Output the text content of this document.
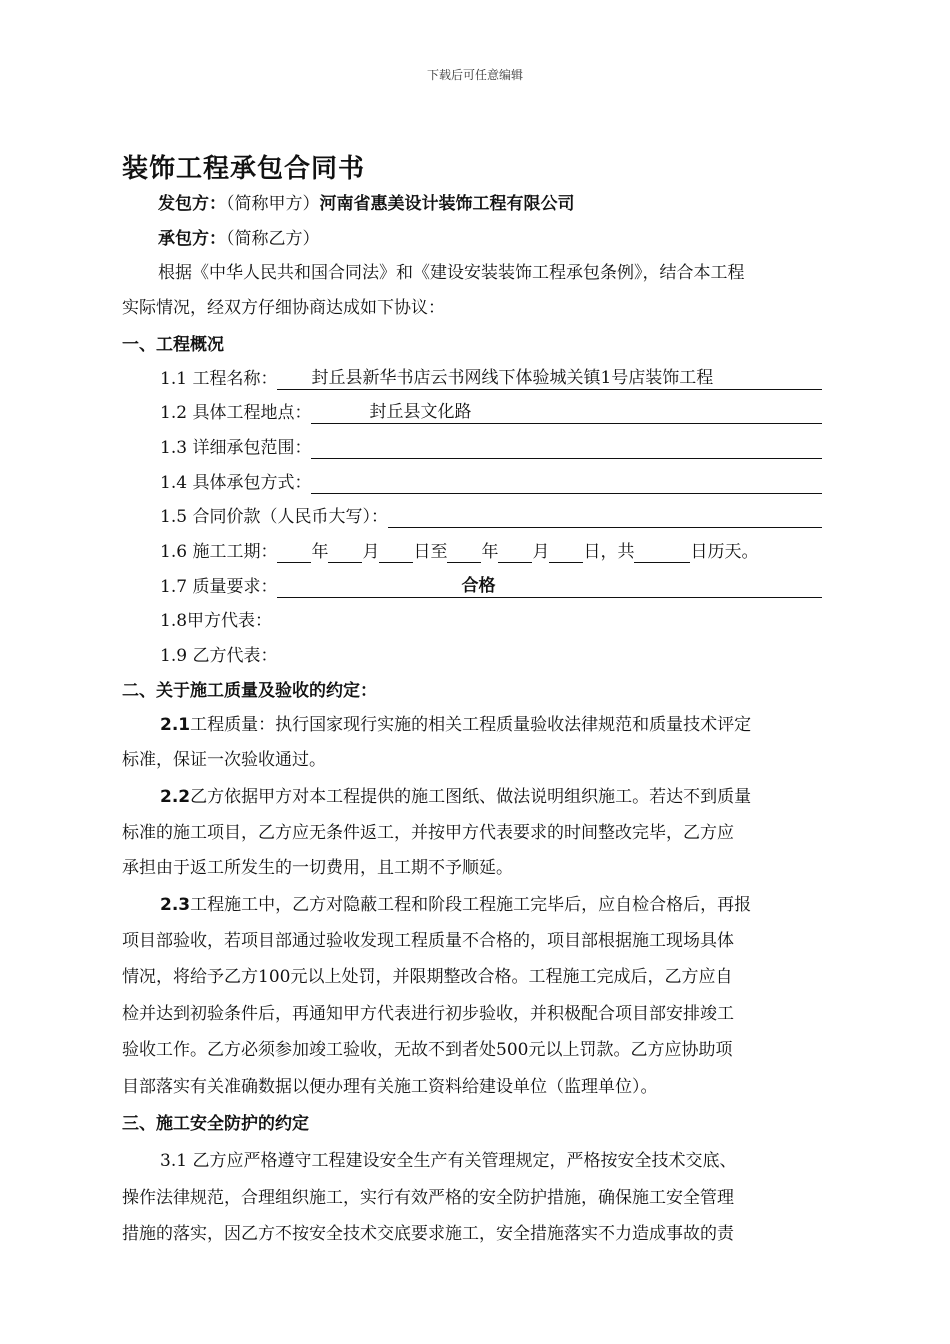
下载后可任意编辑
装饰工程承包合同书
发包方：（简称甲方）河南省惠美设计装饰工程有限公司
承包方：（简称乙方）
根据《中华人民共和国合同法》和《建设安装装饰工程承包条例》，结合本工程
实际情况，经双方仔细协商达成如下协议：
一、工程概况
1.1 工程名称： 封丘县新华书店云书网线下体验城关镇1号店装饰工程
1.2 具体工程地点：	封丘县文化路
1.3 详细承包范围：
1.4 具体承包方式：
1.5 合同价款（人民币大写）：
1.6 施工工期： 年 月 日至 年 月 日，共	日历天。
1.7 质量要求：	合格
1.8甲方代表：
1.9 乙方代表：
二、关于施工质量及验收的约定：
2.1工程质量：执行国家现行实施的相关工程质量验收法律规范和质量技术评定
标准，保证一次验收通过。
2.2乙方依据甲方对本工程提供的施工图纸、做法说明组织施工。若达不到质量
标准的施工项目，乙方应无条件返工，并按甲方代表要求的时间整改完毕，乙方应
承担由于返工所发生的一切费用，且工期不予顺延。
2.3工程施工中，乙方对隐蔽工程和阶段工程施工完毕后，应自检合格后，再报
项目部验收，若项目部通过验收发现工程质量不合格的，项目部根据施工现场具体
情况，将给予乙方100元以上处罚，并限期整改合格。工程施工完成后，乙方应自
检并达到初验条件后，再通知甲方代表进行初步验收，并积极配合项目部安排竣工
验收工作。乙方必须参加竣工验收，无故不到者处500元以上罚款。乙方应协助项
目部落实有关准确数据以便办理有关施工资料给建设单位（监理单位）。
三、施工安全防护的约定
3.1 乙方应严格遵守工程建设安全生产有关管理规定，严格按安全技术交底、
操作法律规范，合理组织施工，实行有效严格的安全防护措施，确保施工安全管理
措施的落实，因乙方不按安全技术交底要求施工，安全措施落实不力造成事故的责
